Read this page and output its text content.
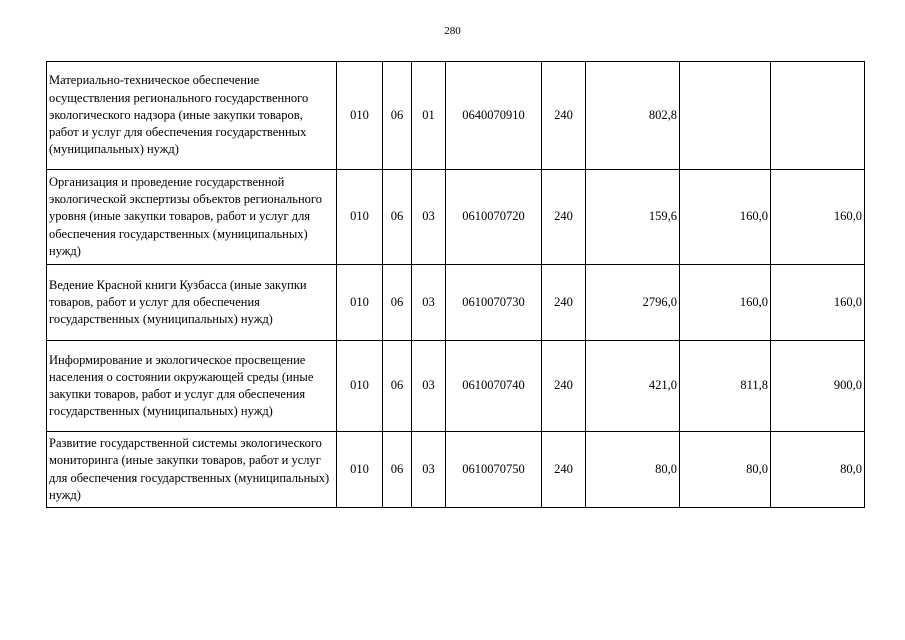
280
Материально-техническое обеспечение осуществления регионального государственного экологического надзора (иные закупки товаров, работ и услуг для обеспечения государственных (муниципальных) нужд)	010	06	01	0640070910	240	802,8		
Организация и проведение государственной экологической экспертизы объектов регионального уровня (иные закупки товаров, работ и услуг для обеспечения государственных (муниципальных) нужд)	010	06	03	0610070720	240	159,6	160,0	160,0
Ведение Красной книги Кузбасса (иные закупки товаров, работ и услуг для обеспечения государственных (муниципальных) нужд)	010	06	03	0610070730	240	2796,0	160,0	160,0
Информирование и экологическое просвещение населения о состоянии окружающей среды (иные закупки товаров, работ и услуг для обеспечения государственных (муниципальных) нужд)	010	06	03	0610070740	240	421,0	811,8	900,0
Развитие государственной системы экологического мониторинга (иные закупки товаров, работ и услуг для обеспечения государственных (муниципальных) нужд)	010	06	03	0610070750	240	80,0	80,0	80,0
